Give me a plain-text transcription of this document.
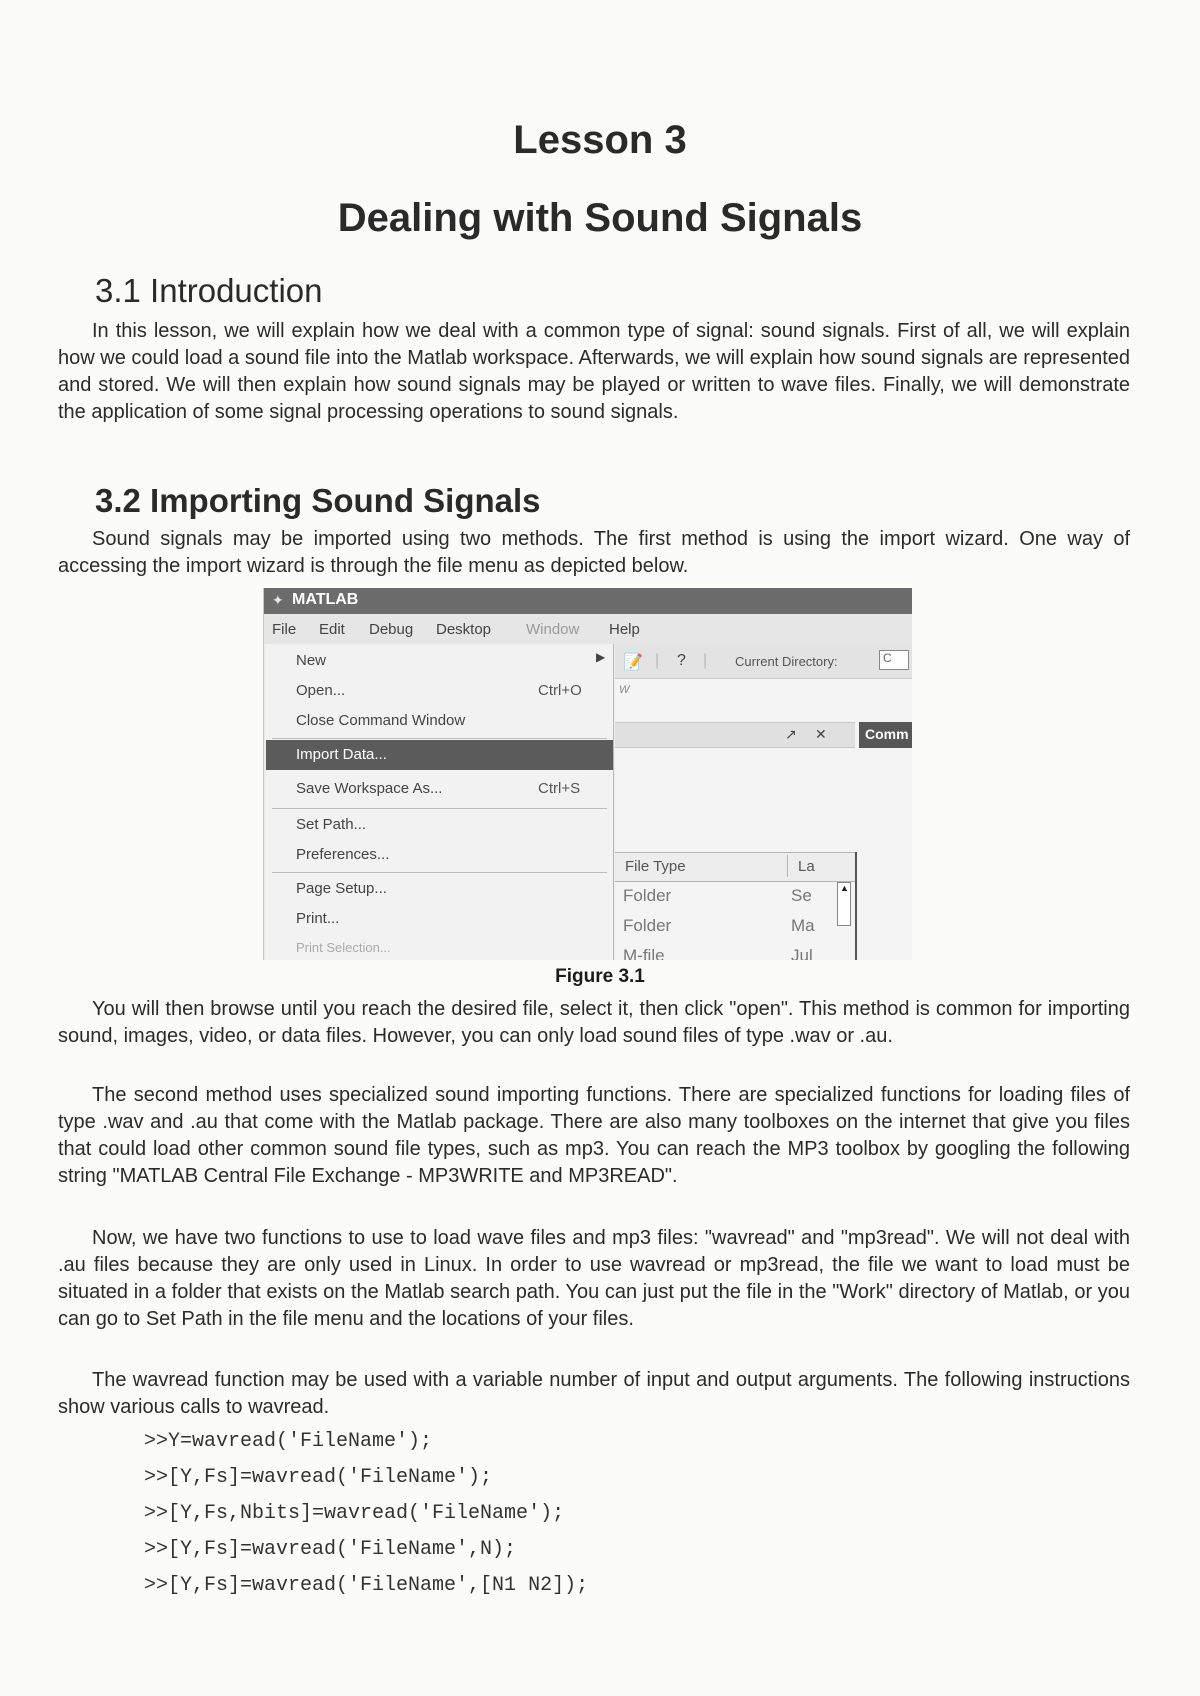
Lesson 3
Dealing with Sound Signals
3.1 Introduction

In this lesson, we will explain how we deal with a common type of signal: sound signals. First of all, we will explain how we could load a sound file into the Matlab workspace. Afterwards, we will explain how sound signals are represented and stored. We will then explain how sound signals may be played or written to wave files. Finally, we will demonstrate the application of some signal processing operations to sound signals.

3.2 Importing Sound Signals

Sound signals may be imported using two methods. The first method is using the import wizard. One way of accessing the import wizard is through the file menu as depicted below.

✦ MATLAB
File Edit Debug Desktop Window Help
New	▶
Open...	Ctrl+O
Close Command Window
Import Data...
Save Workspace As...	Ctrl+S
Set Path...
Preferences...
Page Setup...
Print...
Print Selection...
📝 | ? | Current Directory:	C
W
↗ ✕	Comm
File Type	La
Folder	Se
Folder	Ma
M-file	Jul
▲
Figure 3.1

You will then browse until you reach the desired file, select it, then click "open". This method is common for importing sound, images, video, or data files. However, you can only load sound files of type .wav or .au.

The second method uses specialized sound importing functions. There are specialized functions for loading files of type .wav and .au that come with the Matlab package. There are also many toolboxes on the internet that give you files that could load other common sound file types, such as mp3. You can reach the MP3 toolbox by googling the following string "MATLAB Central File Exchange - MP3WRITE and MP3READ".

Now, we have two functions to use to load wave files and mp3 files: "wavread" and "mp3read". We will not deal with .au files because they are only used in Linux. In order to use wavread or mp3read, the file we want to load must be situated in a folder that exists on the Matlab search path. You can just put the file in the "Work" directory of Matlab, or you can go to Set Path in the file menu and the locations of your files.

The wavread function may be used with a variable number of input and output arguments. The following instructions show various calls to wavread.

>>Y=wavread('FileName');
>>[Y,Fs]=wavread('FileName');
>>[Y,Fs,Nbits]=wavread('FileName');
>>[Y,Fs]=wavread('FileName',N);
>>[Y,Fs]=wavread('FileName',[N1 N2]);
